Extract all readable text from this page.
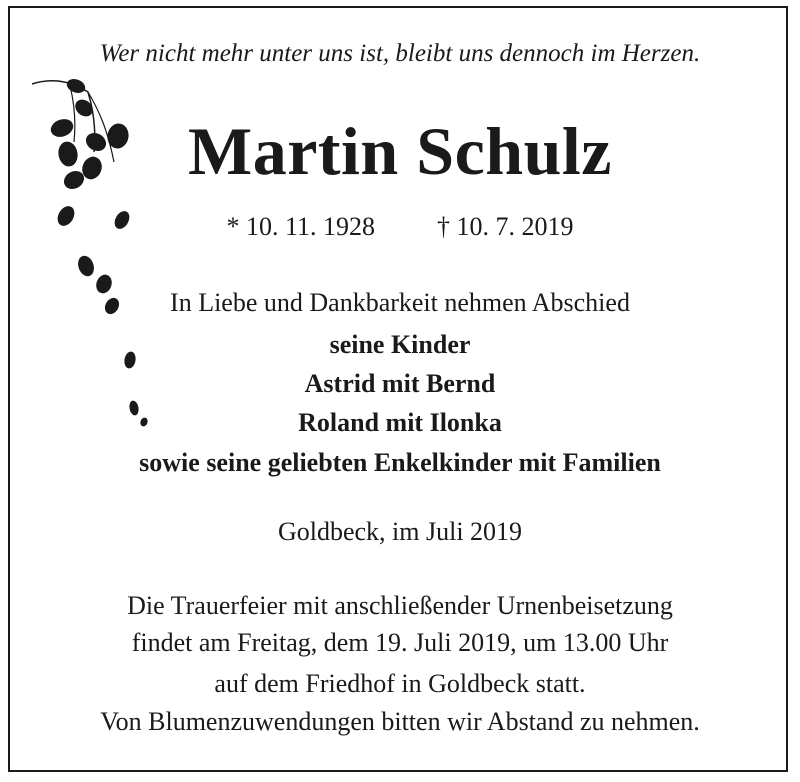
Wer nicht mehr unter uns ist, bleibt uns dennoch im Herzen.
Martin Schulz
* 10. 11. 1928 † 10. 7. 2019
In Liebe und Dankbarkeit nehmen Abschied
seine Kinder
Astrid mit Bernd
Roland mit Ilonka
sowie seine geliebten Enkelkinder mit Familien
Goldbeck, im Juli 2019
Die Trauerfeier mit anschließender Urnenbeisetzung
findet am Freitag, dem 19. Juli 2019, um 13.00 Uhr
auf dem Friedhof in Goldbeck statt.
Von Blumenzuwendungen bitten wir Abstand zu nehmen.
